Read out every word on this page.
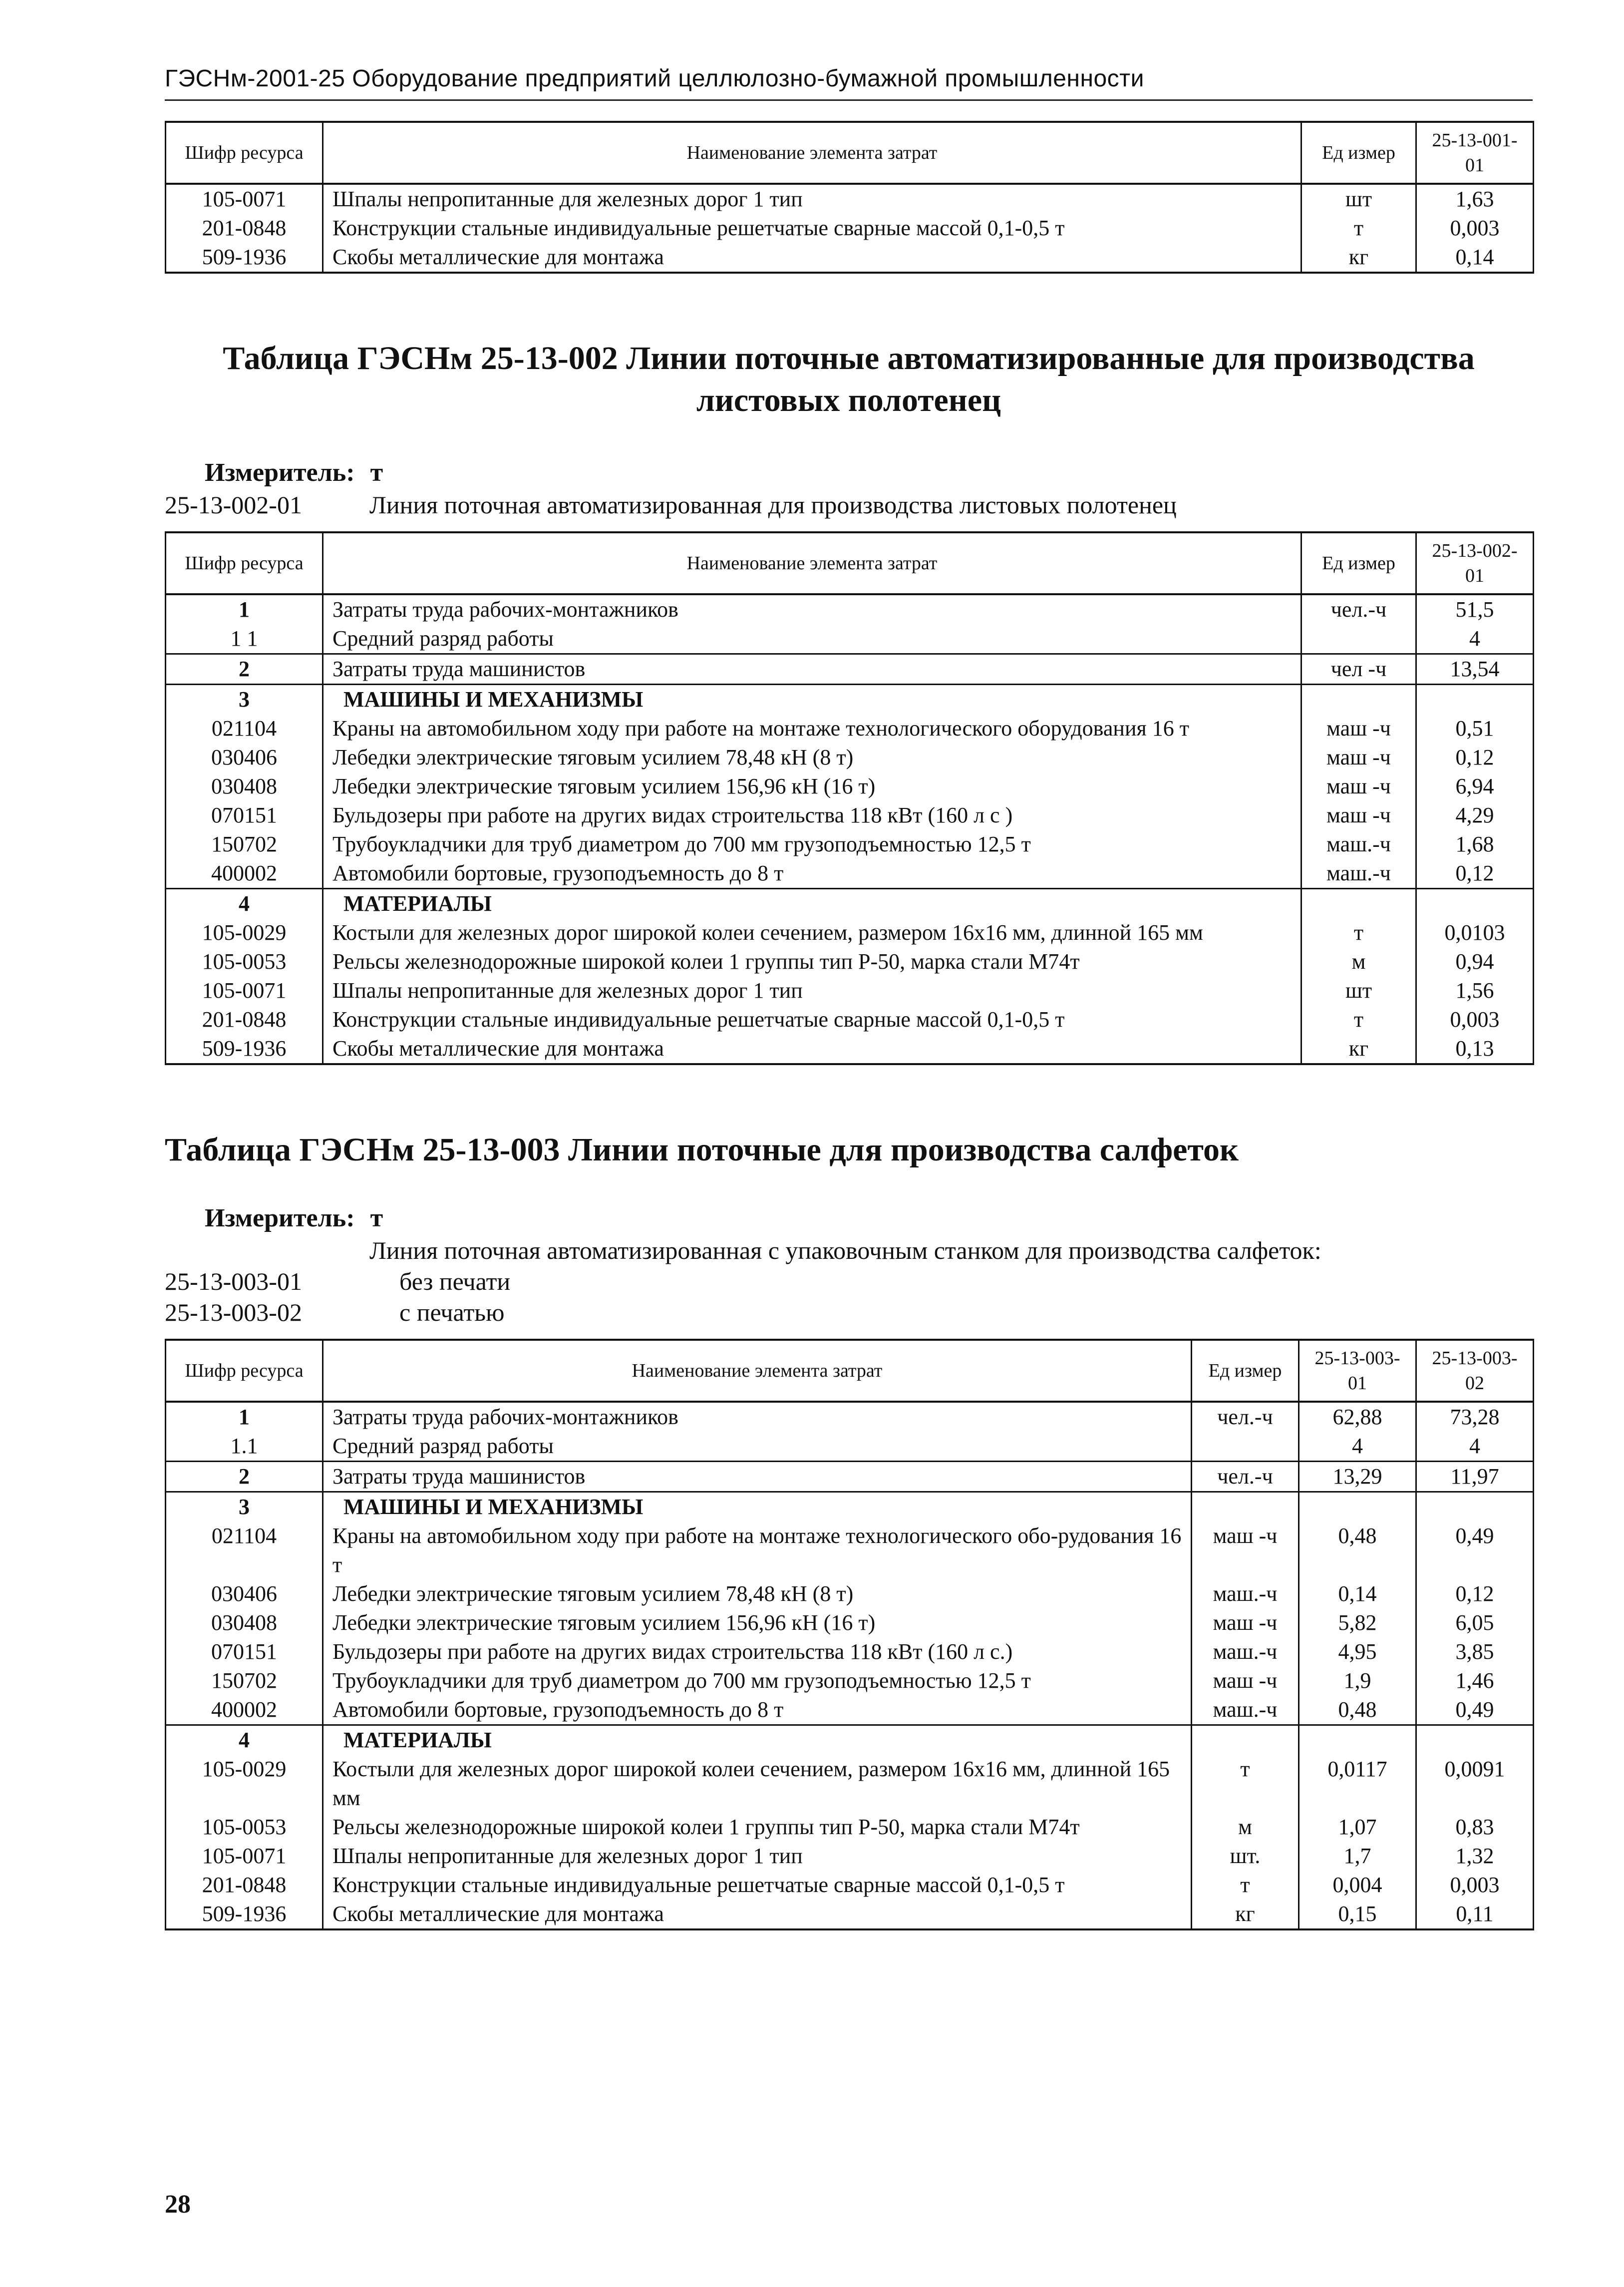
ГЭСНм-2001-25 Оборудование предприятий целлюлозно-бумажной промышленности
Шифр ресурса	Наименование элемента затрат	Ед измер	25-13-001-01
105-0071	Шпалы непропитанные для железных дорог 1 тип	шт	1,63
201-0848	Конструкции стальные индивидуальные решетчатые сварные массой 0,1-0,5 т	т	0,003
509-1936	Скобы металлические для монтажа	кг	0,14
Таблица ГЭСНм 25-13-002 Линии поточные автоматизированные для производства листовых полотенец
Измеритель: т
25-13-002-01	Линия поточная автоматизированная для производства листовых полотенец
Шифр ресурса	Наименование элемента затрат	Ед измер	25-13-002-01
1	Затраты труда рабочих-монтажников	чел.-ч	51,5
1 1	Средний разряд работы		4
2	Затраты труда машинистов	чел -ч	13,54
3	МАШИНЫ И МЕХАНИЗМЫ		
021104	Краны на автомобильном ходу при работе на монтаже технологического оборудования 16 т	маш -ч	0,51
030406	Лебедки электрические тяговым усилием 78,48 кН (8 т)	маш -ч	0,12
030408	Лебедки электрические тяговым усилием 156,96 кН (16 т)	маш -ч	6,94
070151	Бульдозеры при работе на других видах строительства 118 кВт (160 л с )	маш -ч	4,29
150702	Трубоукладчики для труб диаметром до 700 мм грузоподъемностью 12,5 т	маш.-ч	1,68
400002	Автомобили бортовые, грузоподъемность до 8 т	маш.-ч	0,12
4	МАТЕРИАЛЫ		
105-0029	Костыли для железных дорог широкой колеи сечением, размером 16х16 мм, длинной 165 мм	т	0,0103
105-0053	Рельсы железнодорожные широкой колеи 1 группы тип Р-50, марка стали М74т	м	0,94
105-0071	Шпалы непропитанные для железных дорог 1 тип	шт	1,56
201-0848	Конструкции стальные индивидуальные решетчатые сварные массой 0,1-0,5 т	т	0,003
509-1936	Скобы металлические для монтажа	кг	0,13
Таблица ГЭСНм 25-13-003 Линии поточные для производства салфеток
Измеритель: т
Линия поточная автоматизированная с упаковочным станком для производства салфеток:
25-13-003-01	без печати
25-13-003-02	с печатью
Шифр ресурса	Наименование элемента затрат	Ед измер	25-13-003-01	25-13-003-02
1	Затраты труда рабочих-монтажников	чел.-ч	62,88	73,28
1.1	Средний разряд работы		4	4
2	Затраты труда машинистов	чел.-ч	13,29	11,97
3	МАШИНЫ И МЕХАНИЗМЫ			
021104	Краны на автомобильном ходу при работе на монтаже технологического обо-рудования 16 т	маш -ч	0,48	0,49
030406	Лебедки электрические тяговым усилием 78,48 кН (8 т)	маш.-ч	0,14	0,12
030408	Лебедки электрические тяговым усилием 156,96 кН (16 т)	маш -ч	5,82	6,05
070151	Бульдозеры при работе на других видах строительства 118 кВт (160 л с.)	маш.-ч	4,95	3,85
150702	Трубоукладчики для труб диаметром до 700 мм грузоподъемностью 12,5 т	маш -ч	1,9	1,46
400002	Автомобили бортовые, грузоподъемность до 8 т	маш.-ч	0,48	0,49
4	МАТЕРИАЛЫ			
105-0029	Костыли для железных дорог широкой колеи сечением, размером 16х16 мм, длинной 165 мм	т	0,0117	0,0091
105-0053	Рельсы железнодорожные широкой колеи 1 группы тип Р-50, марка стали М74т	м	1,07	0,83
105-0071	Шпалы непропитанные для железных дорог 1 тип	шт.	1,7	1,32
201-0848	Конструкции стальные индивидуальные решетчатые сварные массой 0,1-0,5 т	т	0,004	0,003
509-1936	Скобы металлические для монтажа	кг	0,15	0,11
28
